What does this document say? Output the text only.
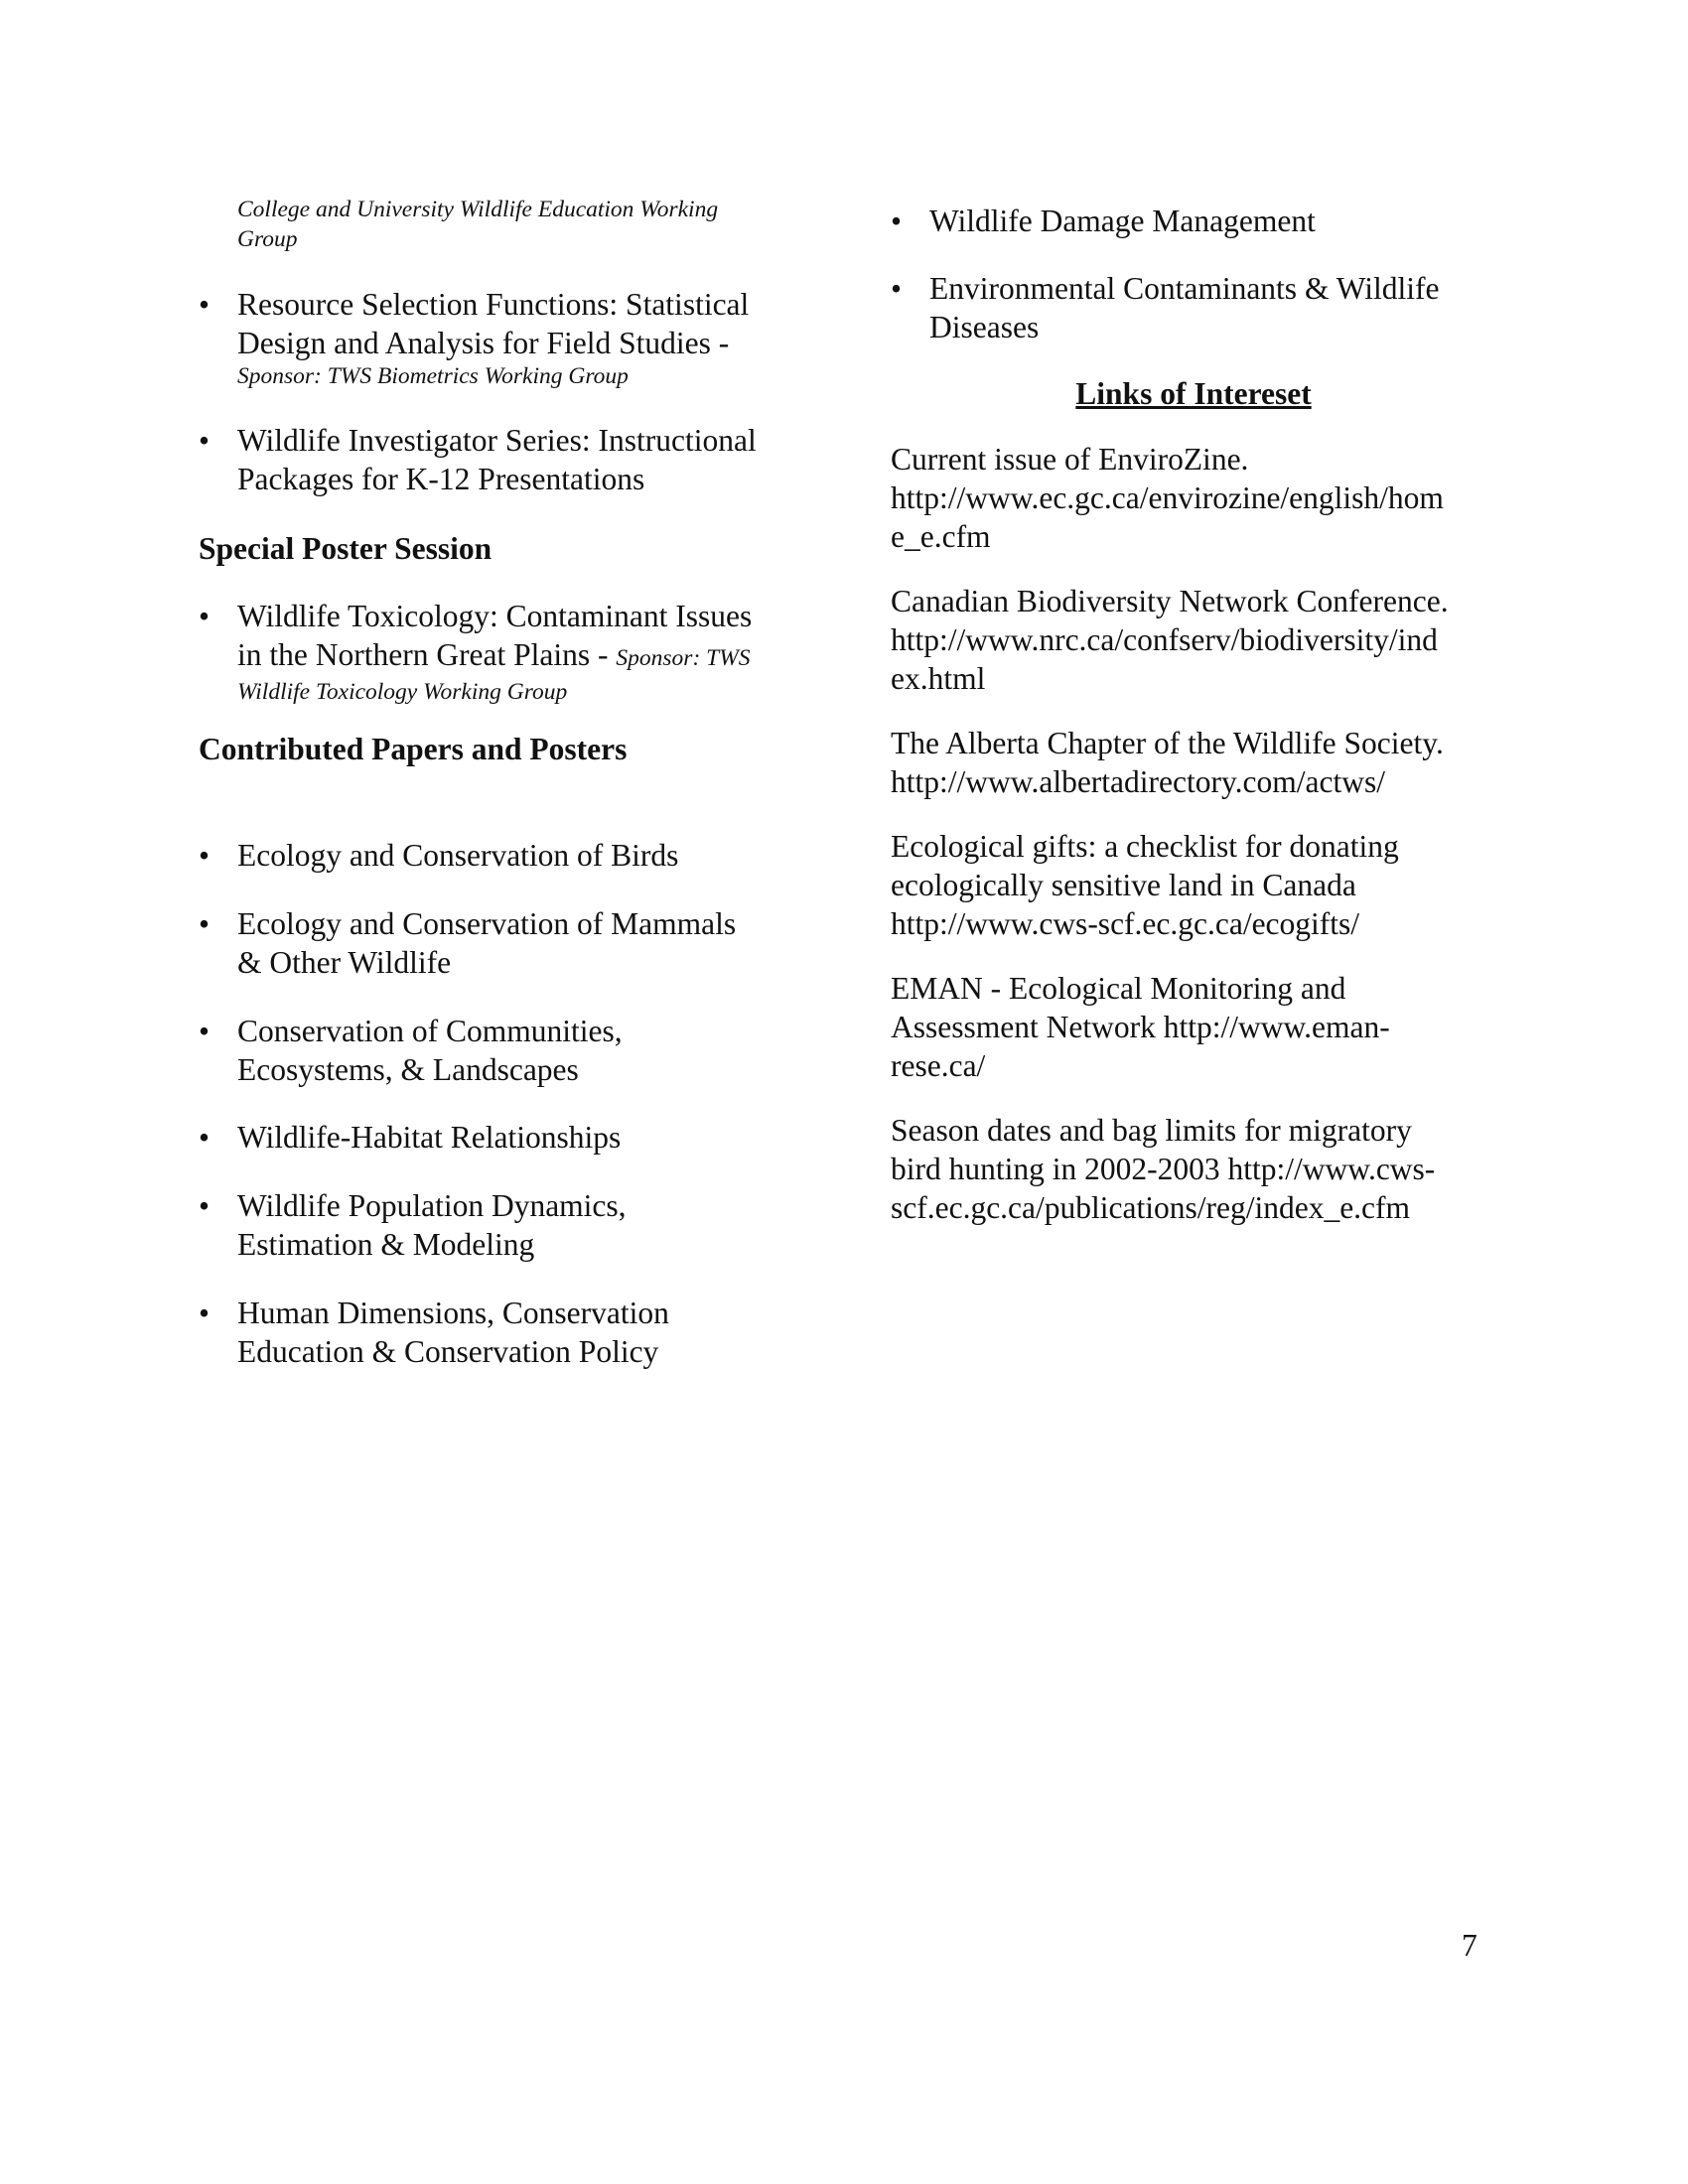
College and University Wildlife Education Working
Group
• Resource Selection Functions: Statistical
Design and Analysis for Field Studies -
Sponsor: TWS Biometrics Working Group
• Wildlife Investigator Series: Instructional
Packages for K-12 Presentations
Special Poster Session
• Wildlife Toxicology: Contaminant Issues
in the Northern Great Plains - Sponsor: TWS
Wildlife Toxicology Working Group
Contributed Papers and Posters
• Ecology and Conservation of Birds
• Ecology and Conservation of Mammals
& Other Wildlife
• Conservation of Communities,
Ecosystems, & Landscapes
• Wildlife-Habitat Relationships
• Wildlife Population Dynamics,
Estimation & Modeling
• Human Dimensions, Conservation
Education & Conservation Policy
• Wildlife Damage Management
• Environmental Contaminants & Wildlife
Diseases
Links of Intereset
Current issue of EnviroZine.
http://www.ec.gc.ca/envirozine/english/hom
e_e.cfm
Canadian Biodiversity Network Conference.
http://www.nrc.ca/confserv/biodiversity/ind
ex.html
The Alberta Chapter of the Wildlife Society.
http://www.albertadirectory.com/actws/
Ecological gifts: a checklist for donating
ecologically sensitive land in Canada
http://www.cws-scf.ec.gc.ca/ecogifts/
EMAN - Ecological Monitoring and
Assessment Network http://www.eman-
rese.ca/
Season dates and bag limits for migratory
bird hunting in 2002-2003 http://www.cws-
scf.ec.gc.ca/publications/reg/index_e.cfm
7
